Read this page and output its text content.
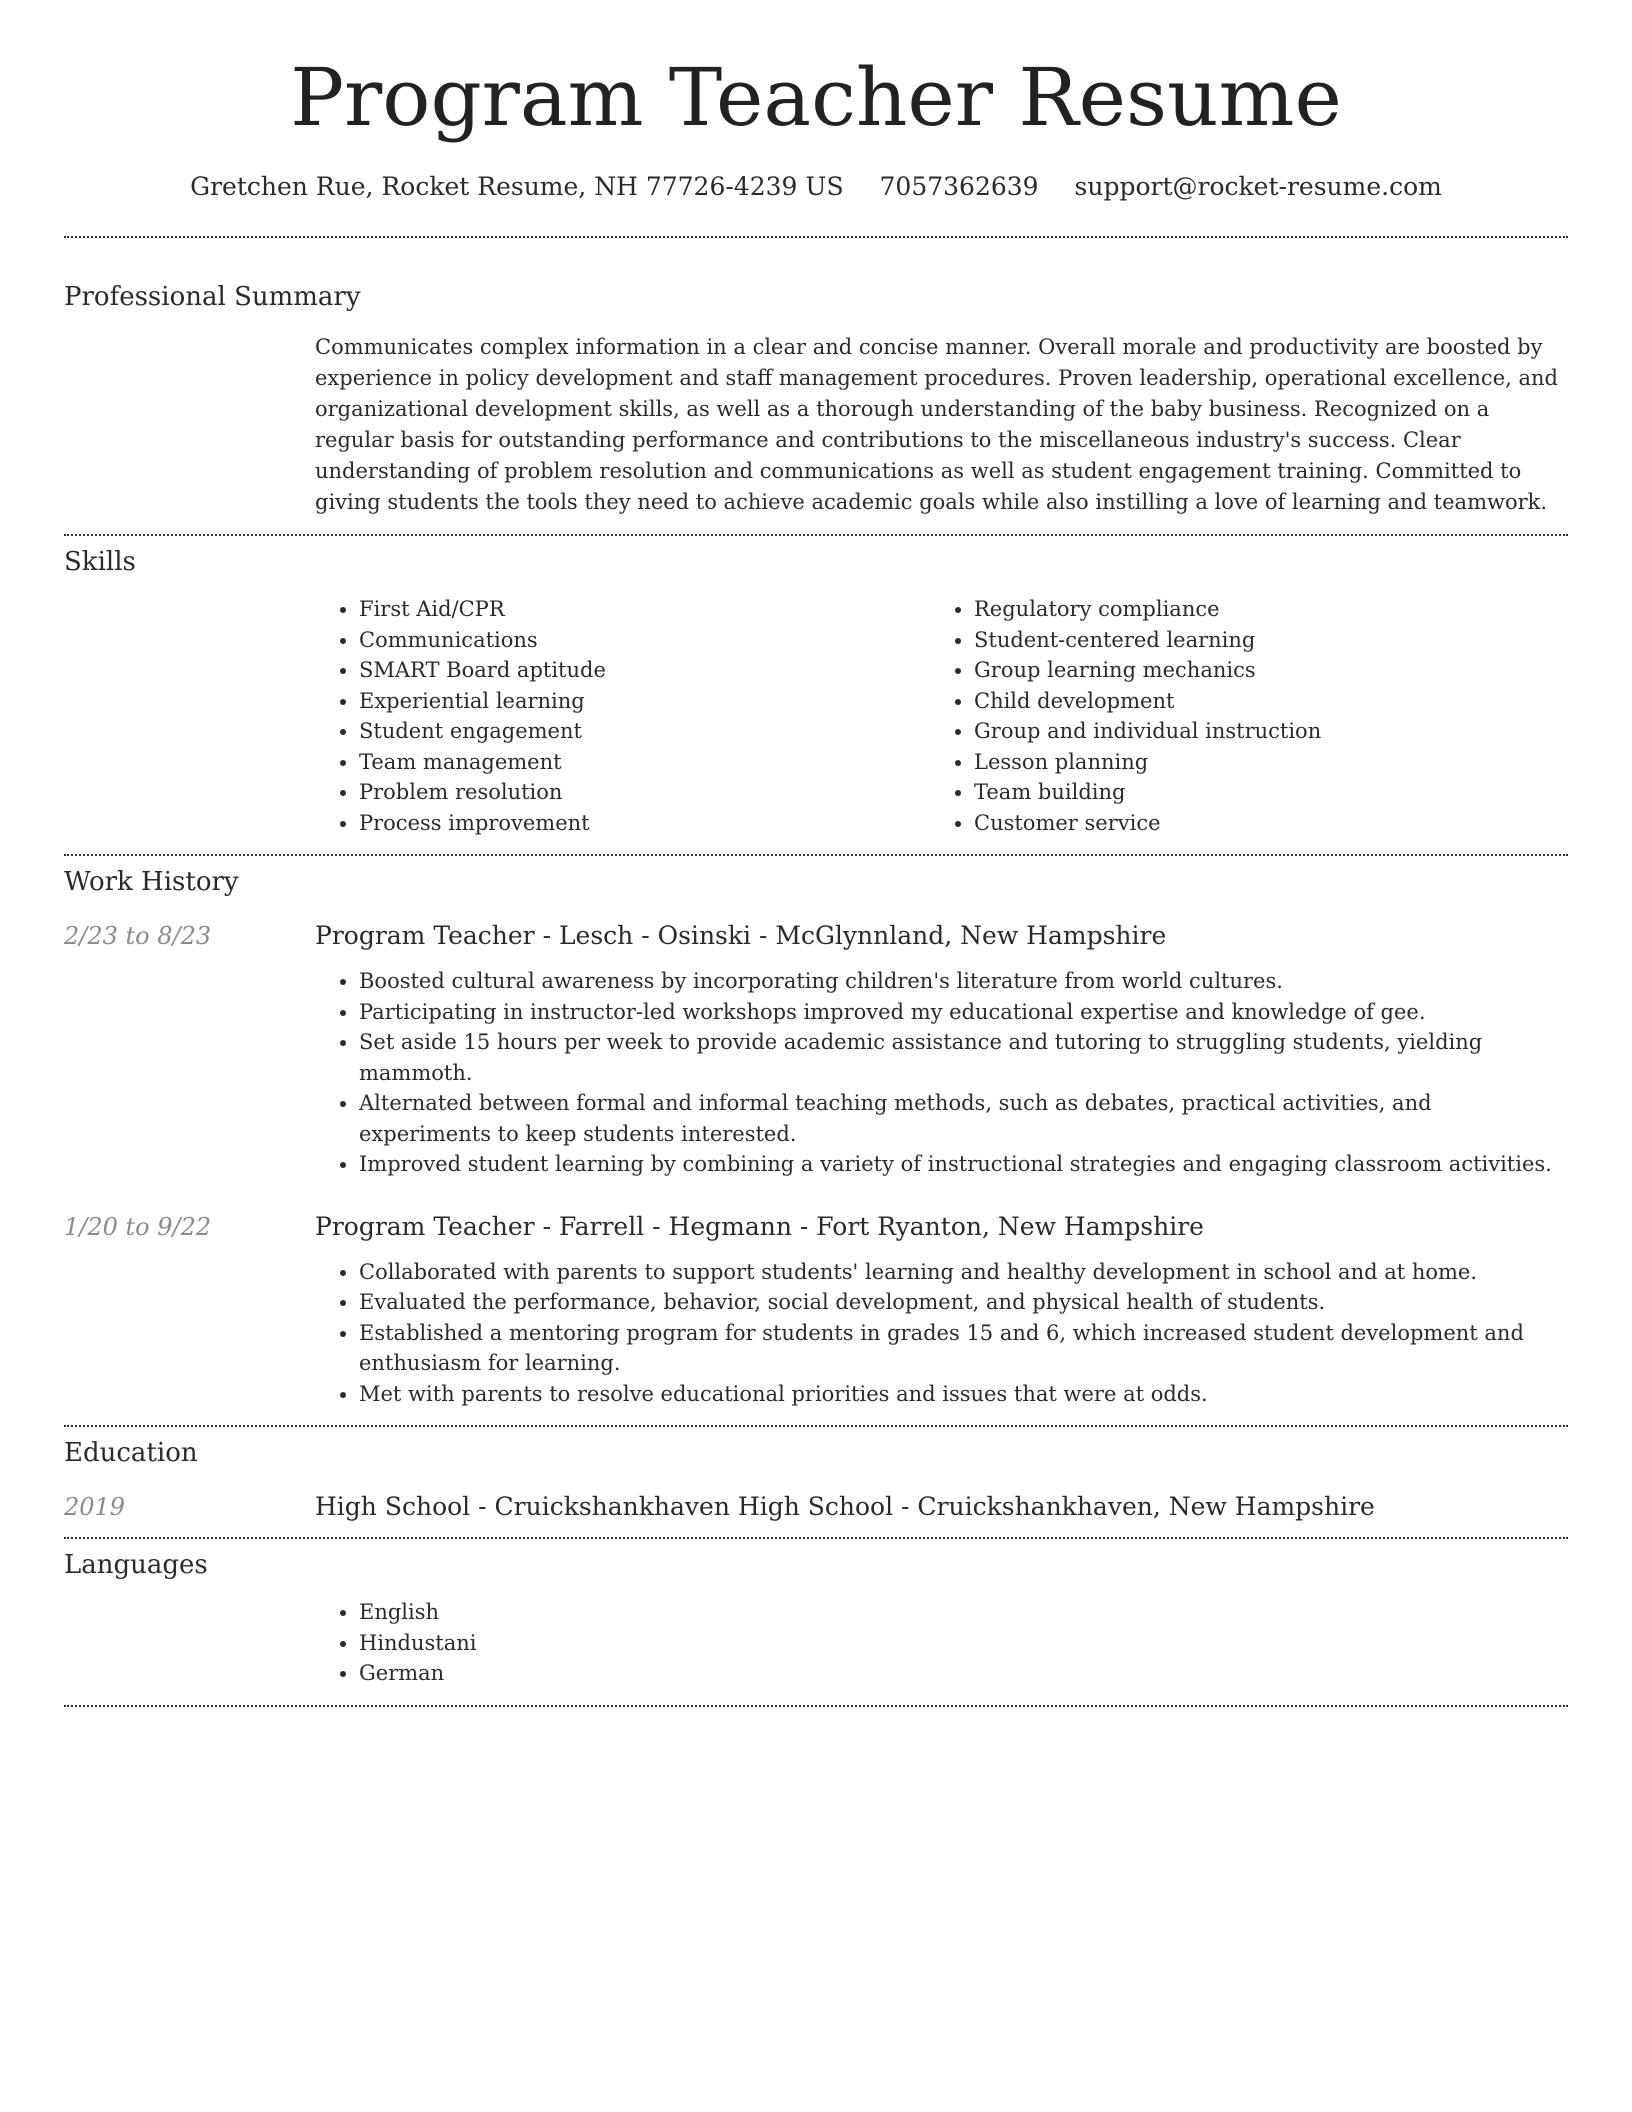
Program Teacher Resume
Gretchen Rue, Rocket Resume, NH 77726-4239 US 7057362639 support@rocket-resume.com
Professional Summary
Communicates complex information in a clear and concise manner. Overall morale and productivity are boosted by experience in policy development and staff management procedures. Proven leadership, operational excellence, and organizational development skills, as well as a thorough understanding of the baby business. Recognized on a regular basis for outstanding performance and contributions to the miscellaneous industry's success. Clear understanding of problem resolution and communications as well as student engagement training. Committed to giving students the tools they need to achieve academic goals while also instilling a love of learning and teamwork.
Skills
• First Aid/CPR
• Communications
• SMART Board aptitude
• Experiential learning
• Student engagement
• Team management
• Problem resolution
• Process improvement
• Regulatory compliance
• Student-centered learning
• Group learning mechanics
• Child development
• Group and individual instruction
• Lesson planning
• Team building
• Customer service
Work History
2/23 to 8/23	Program Teacher - Lesch - Osinski - McGlynnland, New Hampshire
• Boosted cultural awareness by incorporating children's literature from world cultures.
• Participating in instructor-led workshops improved my educational expertise and knowledge of gee.
• Set aside 15 hours per week to provide academic assistance and tutoring to struggling students, yielding mammoth.
• Alternated between formal and informal teaching methods, such as debates, practical activities, and experiments to keep students interested.
• Improved student learning by combining a variety of instructional strategies and engaging classroom activities.
1/20 to 9/22	Program Teacher - Farrell - Hegmann - Fort Ryanton, New Hampshire
• Collaborated with parents to support students' learning and healthy development in school and at home.
• Evaluated the performance, behavior, social development, and physical health of students.
• Established a mentoring program for students in grades 15 and 6, which increased student development and enthusiasm for learning.
• Met with parents to resolve educational priorities and issues that were at odds.
Education
2019	High School - Cruickshankhaven High School - Cruickshankhaven, New Hampshire
Languages
• English
• Hindustani
• German
